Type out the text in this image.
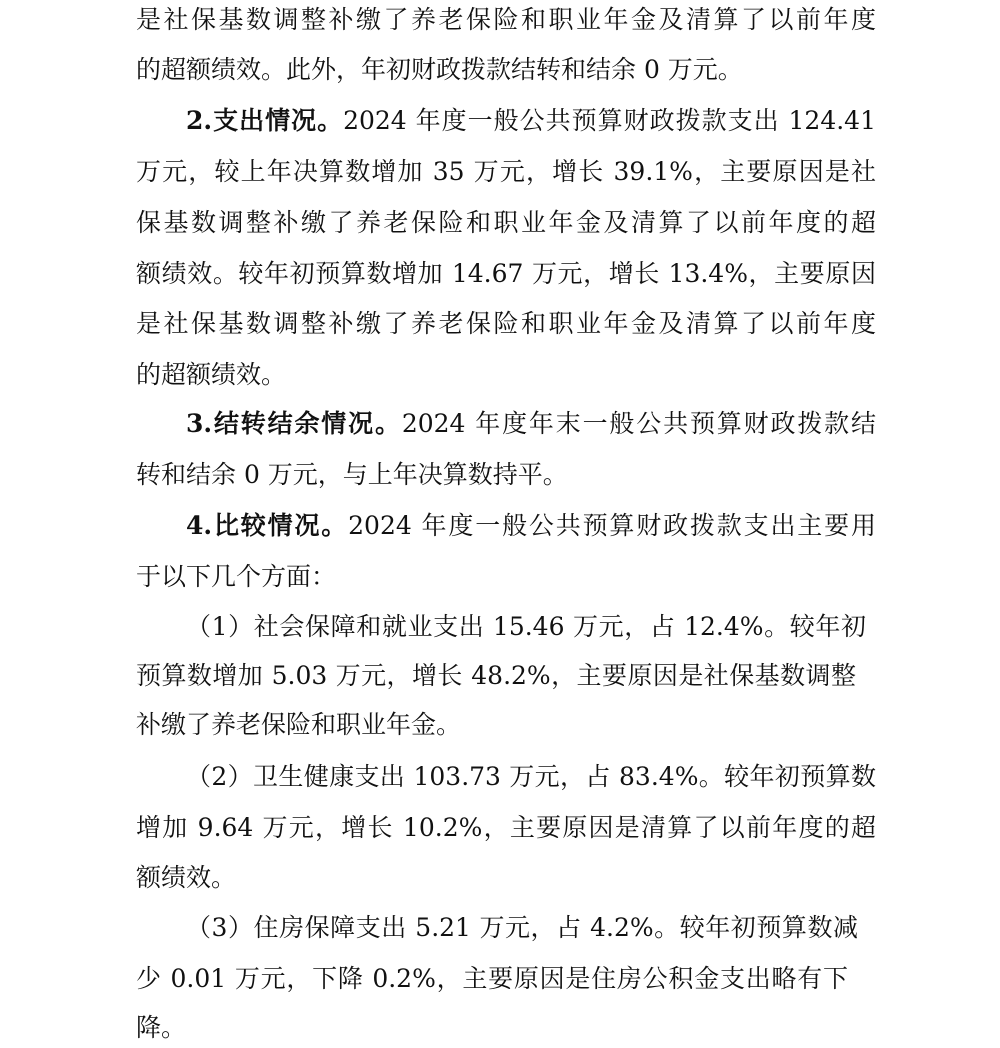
是社保基数调整补缴了养老保险和职业年金及清算了以前年度
的超额绩效。此外，年初财政拨款结转和结余 0 万元。
2.支出情况。2024 年度一般公共预算财政拨款支出 124.41
万元，较上年决算数增加 35 万元，增长 39.1%，主要原因是社
保基数调整补缴了养老保险和职业年金及清算了以前年度的超
额绩效。较年初预算数增加 14.67 万元，增长 13.4%，主要原因
是社保基数调整补缴了养老保险和职业年金及清算了以前年度
的超额绩效。
3.结转结余情况。2024 年度年末一般公共预算财政拨款结
转和结余 0 万元，与上年决算数持平。
4.比较情况。2024 年度一般公共预算财政拨款支出主要用
于以下几个方面：
（1）社会保障和就业支出 15.46 万元，占 12.4%。较年初
预算数增加 5.03 万元，增长 48.2%，主要原因是社保基数调整
补缴了养老保险和职业年金。
（2）卫生健康支出 103.73 万元，占 83.4%。较年初预算数
增加 9.64 万元，增长 10.2%，主要原因是清算了以前年度的超
额绩效。
（3）住房保障支出 5.21 万元，占 4.2%。较年初预算数减
少 0.01 万元，下降 0.2%，主要原因是住房公积金支出略有下
降。
